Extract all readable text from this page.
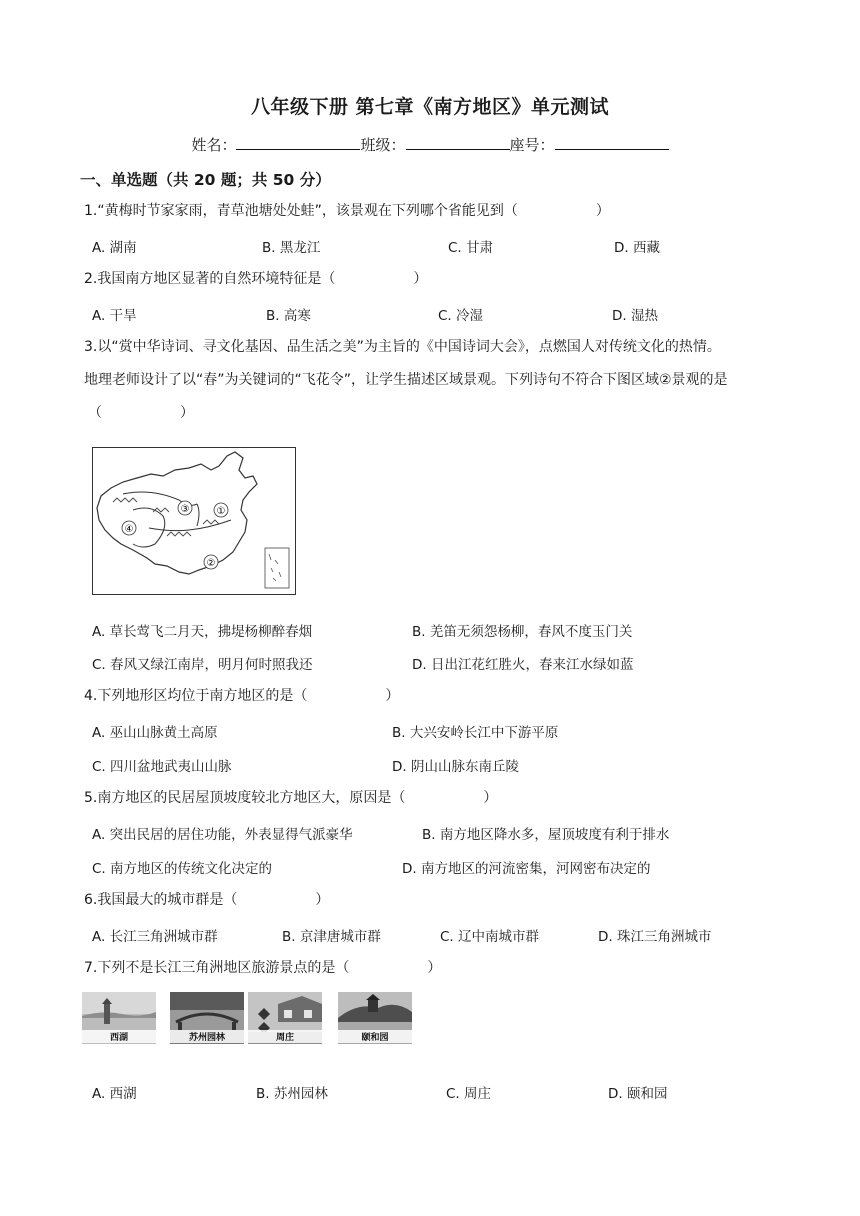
八年级下册 第七章《南方地区》单元测试
姓名：	班级：	座号：
一、单选题（共 20 题；共 50 分）
1.“黄梅时节家家雨，青草池塘处处蛙”，该景观在下列哪个省能见到（	）
A. 湖南	B. 黑龙江	C. 甘肃	D. 西藏
2.我国南方地区显著的自然环境特征是（	）
A. 干旱	B. 高寒	C. 冷湿	D. 湿热
3.以“赏中华诗词、寻文化基因、品生活之美”为主旨的《中国诗词大会》，点燃国人对传统文化的热情。
地理老师设计了以“春”为关键词的“飞花令”，让学生描述区域景观。下列诗句不符合下图区域②景观的是
（	）
③	①
④
②
A. 草长莺飞二月天，拂堤杨柳醉春烟	B. 羌笛无须怨杨柳，春风不度玉门关
C. 春风又绿江南岸，明月何时照我还	D. 日出江花红胜火，春来江水绿如蓝
4.下列地形区均位于南方地区的是（	）
A. 巫山山脉黄土高原	B. 大兴安岭长江中下游平原
C. 四川盆地武夷山山脉	D. 阴山山脉东南丘陵
5.南方地区的民居屋顶坡度较北方地区大，原因是（	）
A. 突出民居的居住功能，外表显得气派豪华	B. 南方地区降水多，屋顶坡度有利于排水
C. 南方地区的传统文化决定的	D. 南方地区的河流密集，河网密布决定的
6.我国最大的城市群是（	）
A. 长江三角洲城市群	B. 京津唐城市群	C. 辽中南城市群	D. 珠江三角洲城市
7.下列不是长江三角洲地区旅游景点的是（	）
西湖	苏州园林	周庄	颐和园
A. 西湖	B. 苏州园林	C. 周庄	D. 颐和园
